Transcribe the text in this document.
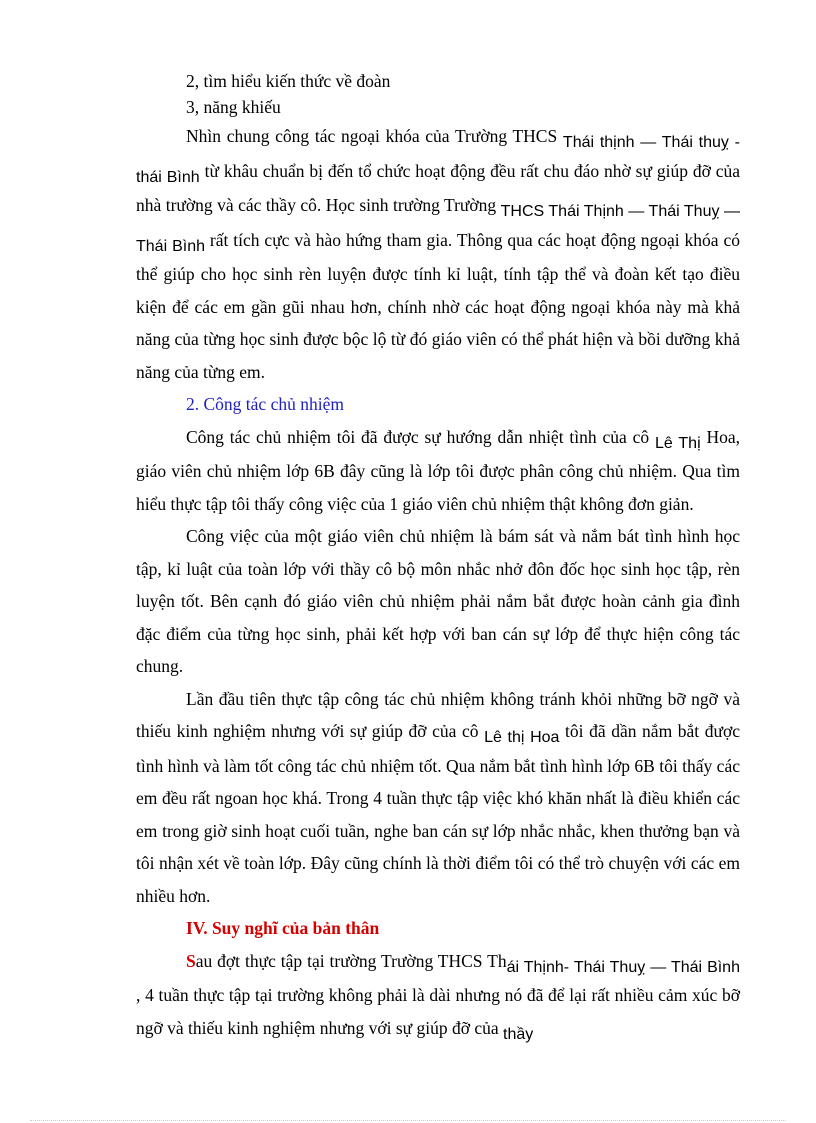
2, tìm hiểu kiến thức về đoàn
3, năng khiếu

Nhìn chung công tác ngoại khóa của Trường THCS Thái thịnh — Thái thuỵ - thái Bình từ khâu chuẩn bị đến tổ chức hoạt động đều rất chu đáo nhờ sự giúp đỡ của nhà trường và các thầy cô. Học sinh trường Trường THCS Thái Thịnh — Thái Thuỵ — Thái Bình rất tích cực và hào hứng tham gia. Thông qua các hoạt động ngoại khóa có thể giúp cho học sinh rèn luyện được tính kỉ luật, tính tập thể và đoàn kết tạo điều kiện để các em gần gũi nhau hơn, chính nhờ các hoạt động ngoại khóa này mà khả năng của từng học sinh được bộc lộ từ đó giáo viên có thể phát hiện và bồi dưỡng khả năng của từng em.

2. Công tác chủ nhiệm

Công tác chủ nhiệm tôi đã được sự hướng dẫn nhiệt tình của cô Lê Thị Hoa, giáo viên chủ nhiệm lớp 6B đây cũng là lớp tôi được phân công chủ nhiệm. Qua tìm hiểu thực tập tôi thấy công việc của 1 giáo viên chủ nhiệm thật không đơn giản.

Công việc của một giáo viên chủ nhiệm là bám sát và nắm bát tình hình học tập, kỉ luật của toàn lớp với thầy cô bộ môn nhắc nhở đôn đốc học sinh học tập, rèn luyện tốt. Bên cạnh đó giáo viên chủ nhiệm phải nắm bắt được hoàn cảnh gia đình đặc điểm của từng học sinh, phải kết hợp với ban cán sự lớp để thực hiện công tác chung.

Lần đầu tiên thực tập công tác chủ nhiệm không tránh khỏi những bỡ ngỡ và thiếu kinh nghiệm nhưng với sự giúp đỡ của cô Lê thị Hoa tôi đã dần nắm bắt được tình hình và làm tốt công tác chủ nhiệm tốt. Qua nắm bắt tình hình lớp 6B tôi thấy các em đều rất ngoan học khá. Trong 4 tuần thực tập việc khó khăn nhất là điều khiển các em trong giờ sinh hoạt cuối tuần, nghe ban cán sự lớp nhắc nhắc, khen thưởng bạn và tôi nhận xét về toàn lớp. Đây cũng chính là thời điểm tôi có thể trò chuyện với các em nhiều hơn.

IV. Suy nghĩ của bản thân

Sau đợt thực tập tại trường Trường THCS Thái Thịnh- Thái Thuỵ — Thái Bình , 4 tuần thực tập tại trường không phải là dài nhưng nó đã để lại rất nhiều cảm xúc bỡ ngỡ và thiếu kinh nghiệm nhưng với sự giúp đỡ của thầy
